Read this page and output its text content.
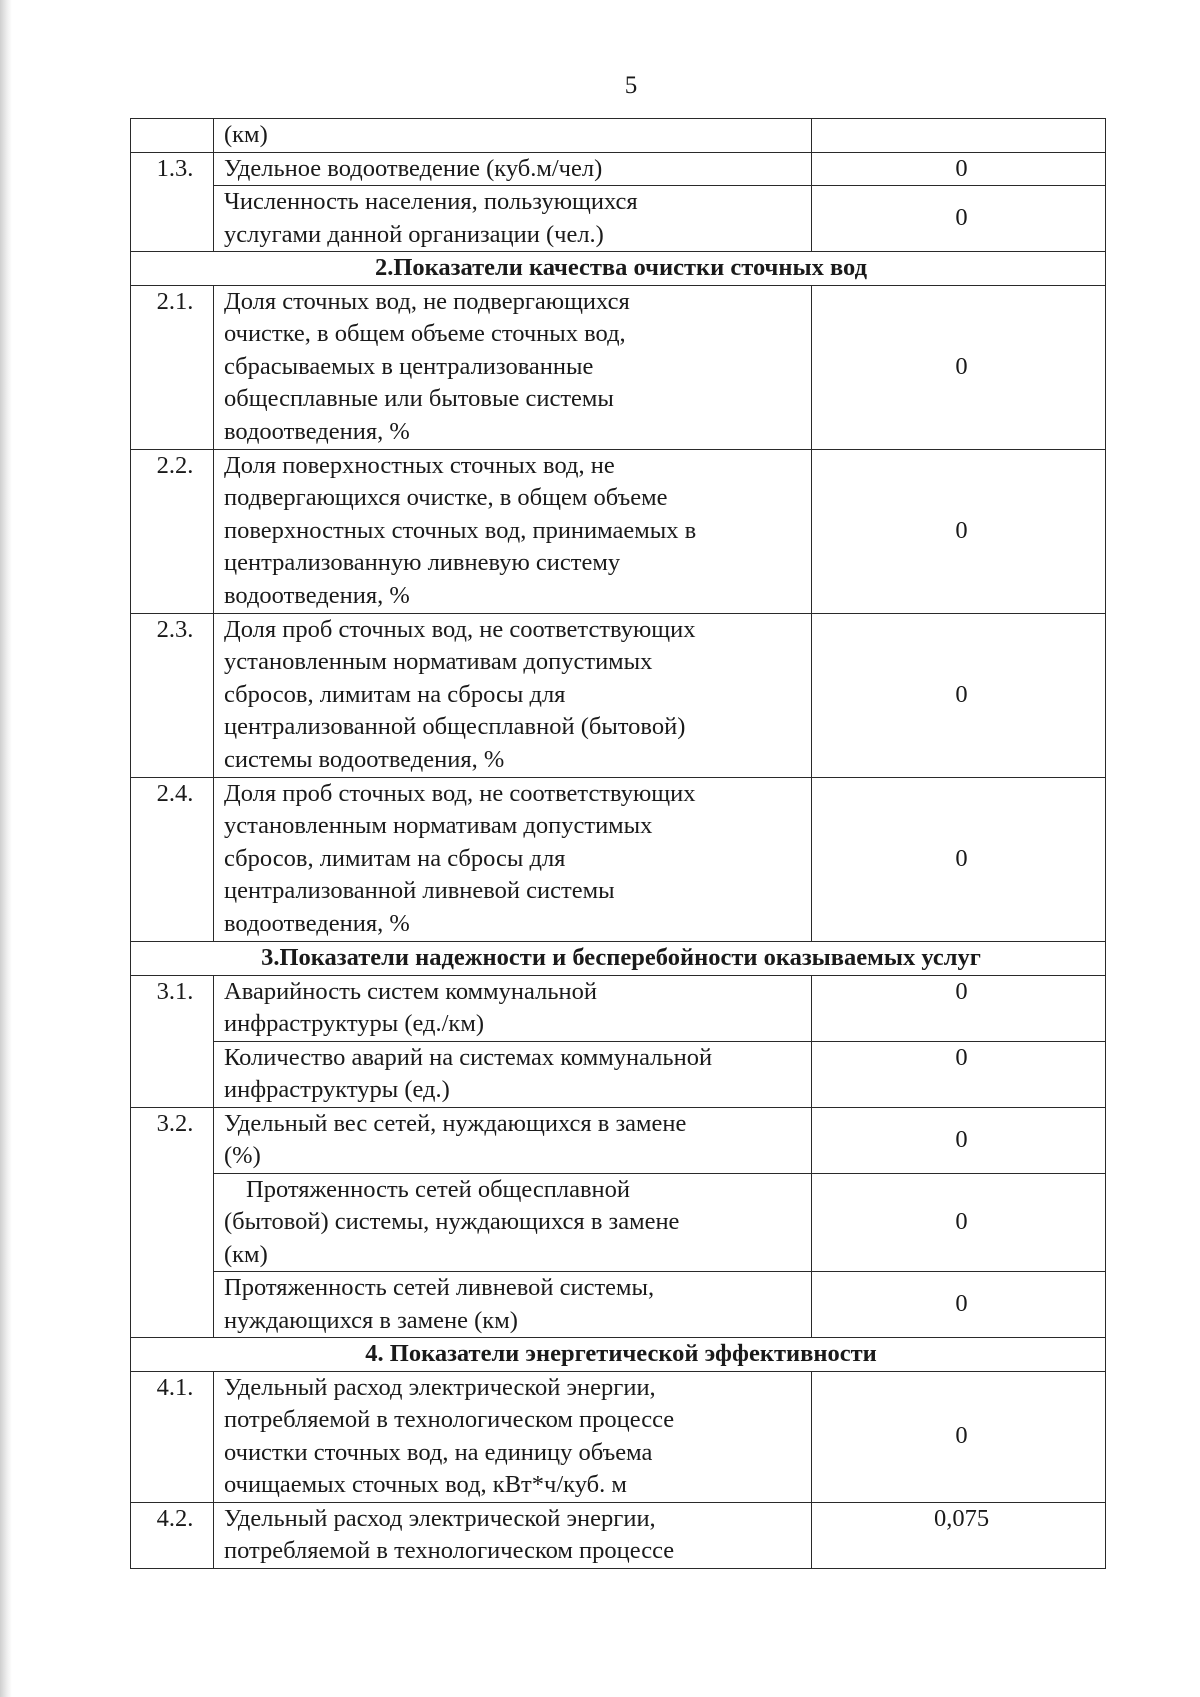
5
	(км)	
1.3.	Удельное водоотведение (куб.м/чел)	0
	Численность населения, пользующихся
услугами данной организации (чел.)	0
2.Показатели качества очистки сточных вод		
2.1.	Доля сточных вод, не подвергающихся
очистке, в общем объеме сточных вод,
сбрасываемых в централизованные
общесплавные или бытовые системы
водоотведения, %	0
2.2.	Доля поверхностных сточных вод, не
подвергающихся очистке, в общем объеме
поверхностных сточных вод, принимаемых в
централизованную ливневую систему
водоотведения, %	0
2.3.	Доля проб сточных вод, не соответствующих
установленным нормативам допустимых
сбросов, лимитам на сбросы для
централизованной общесплавной (бытовой)
системы водоотведения, %	0
2.4.	Доля проб сточных вод, не соответствующих
установленным нормативам допустимых
сбросов, лимитам на сбросы для
централизованной ливневой системы
водоотведения, %	0
3.Показатели надежности и бесперебойности оказываемых услуг		
3.1.	Аварийность систем коммунальной
инфраструктуры (ед./км)	0
	Количество аварий на системах коммунальной
инфраструктуры (ед.)	0
3.2.	Удельный вес сетей, нуждающихся в замене
(%)	0
	Протяженность сетей общесплавной
(бытовой) системы, нуждающихся в замене
(км)	0
	Протяженность сетей ливневой системы,
нуждающихся в замене (км)	0
4. Показатели энергетической эффективности		
4.1.	Удельный расход электрической энергии,
потребляемой в технологическом процессе
очистки сточных вод, на единицу объема
очищаемых сточных вод, кВт*ч/куб. м	0
4.2.	Удельный расход электрической энергии,
потребляемой в технологическом процессе	0,075
